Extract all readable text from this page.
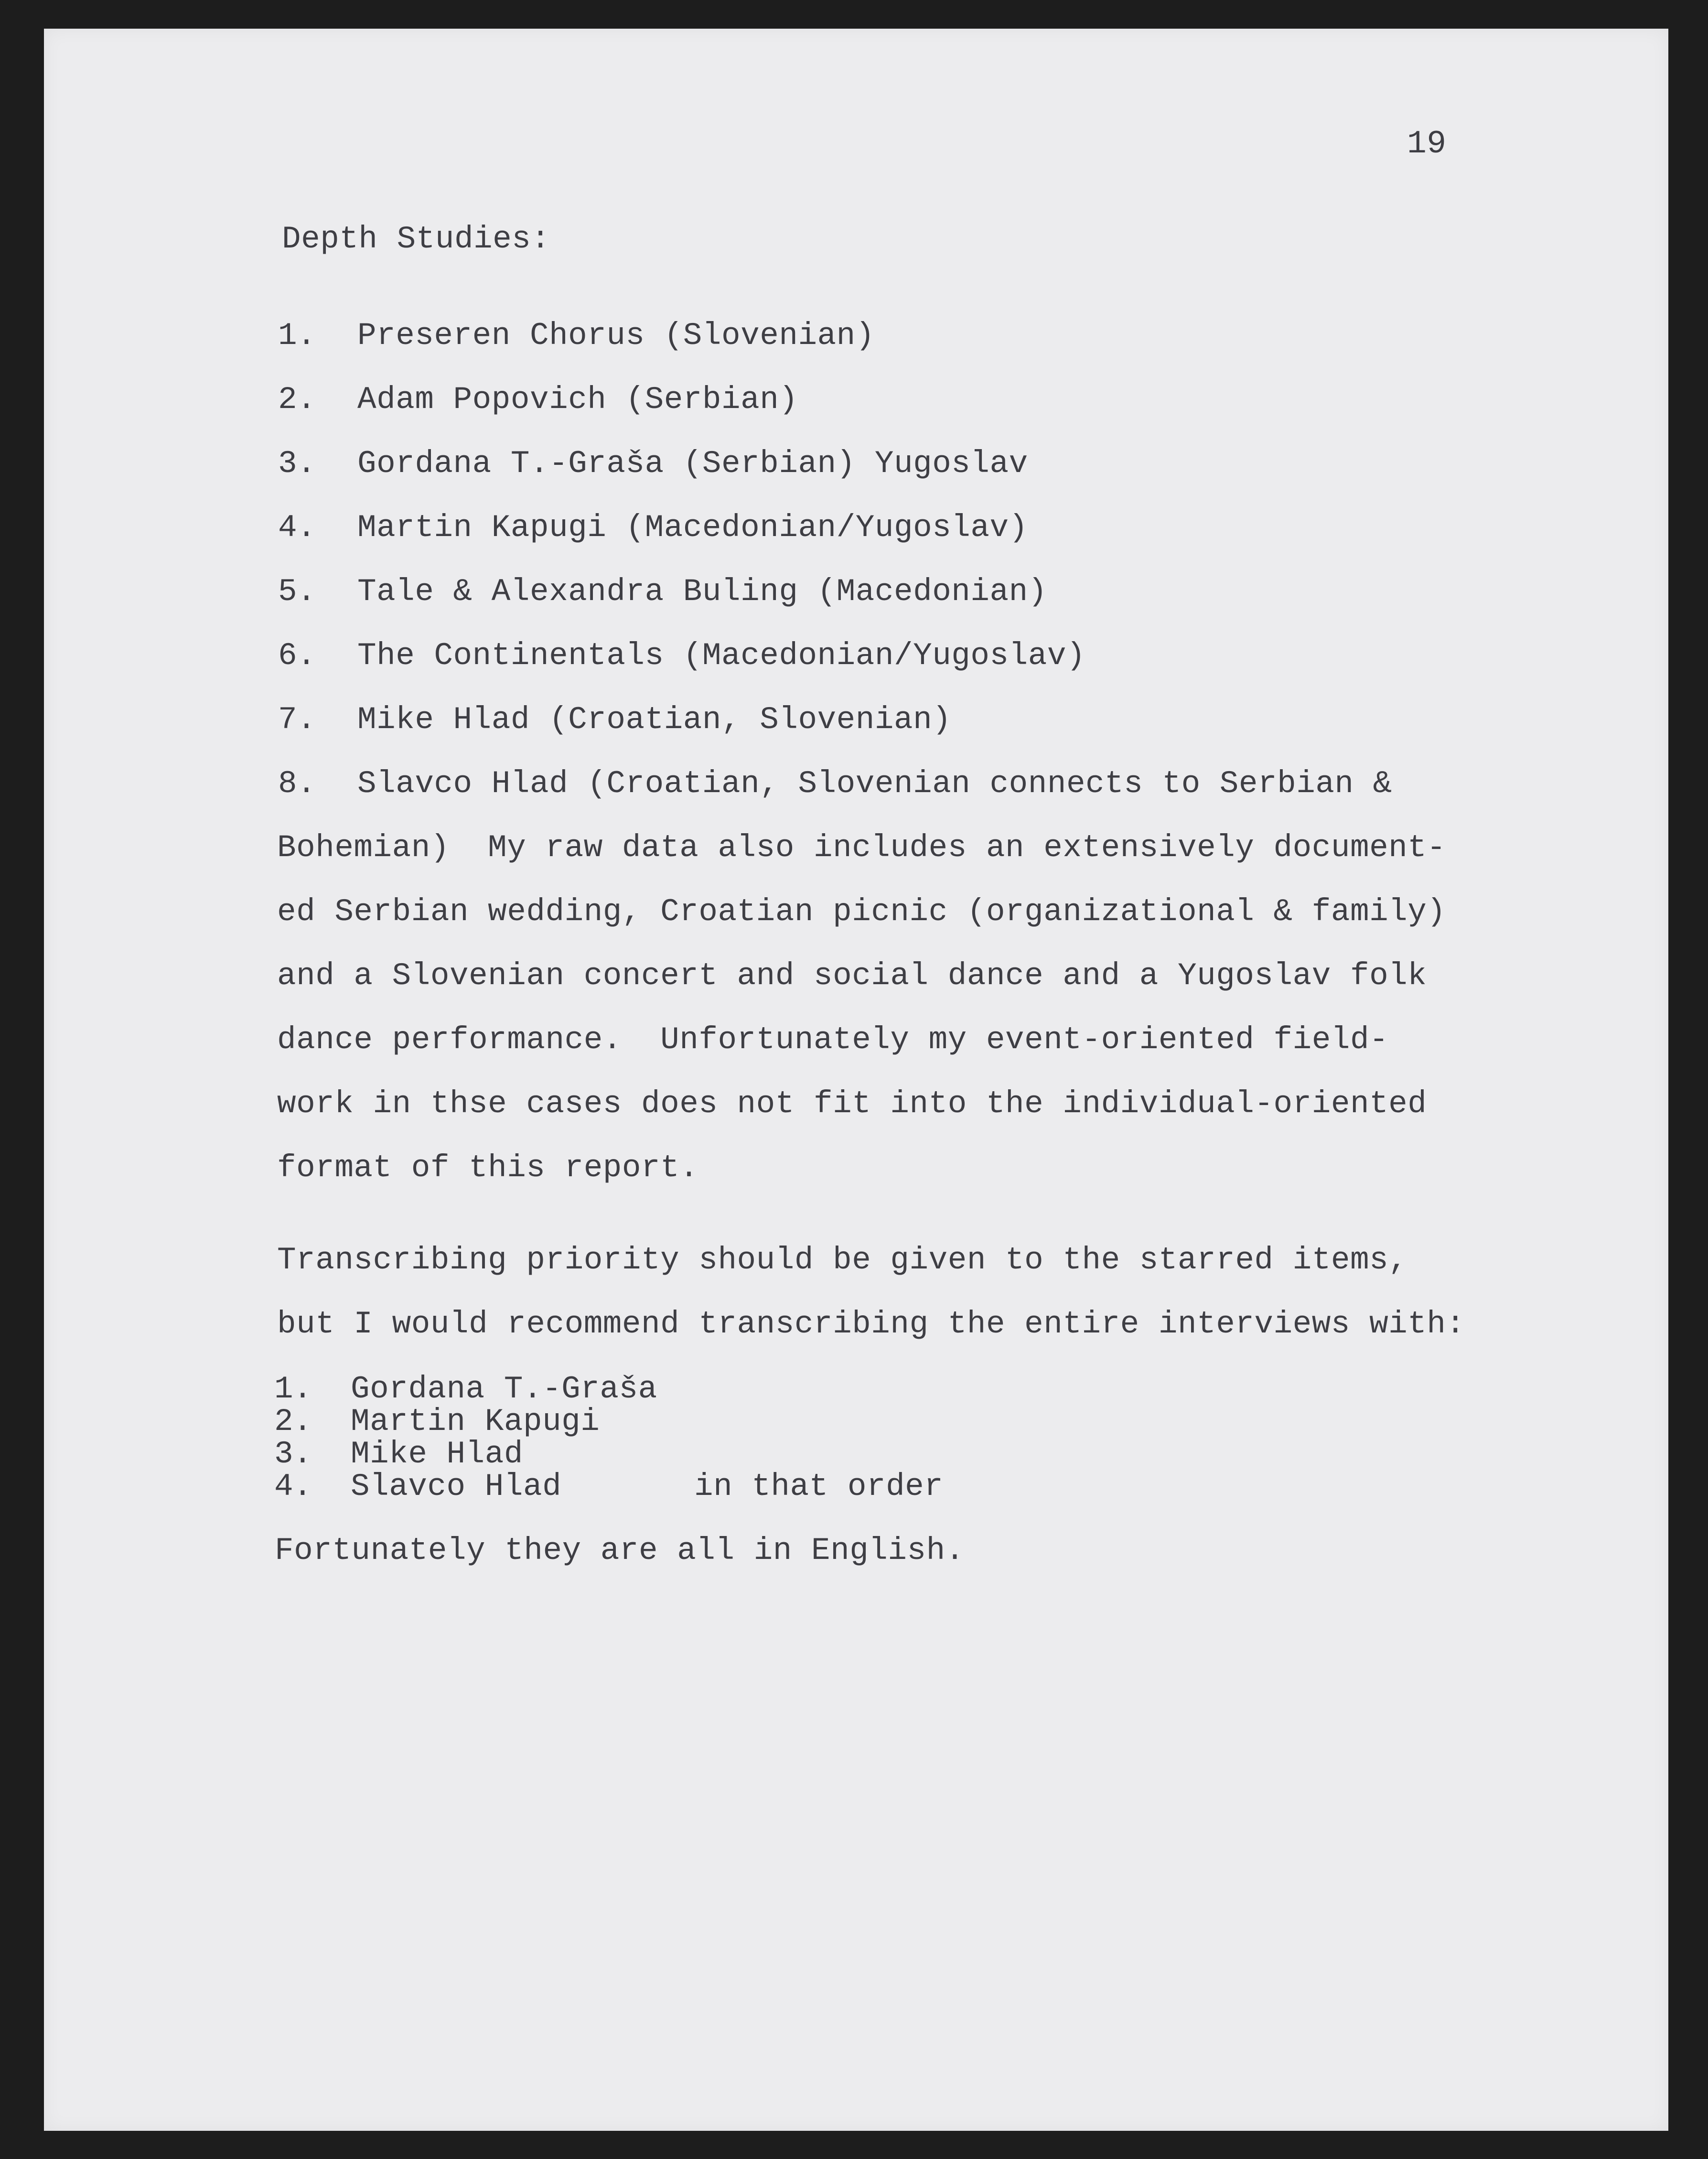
19
Depth Studies:
1. Preseren Chorus (Slovenian)
2. Adam Popovich (Serbian)
3. Gordana T.-Graša (Serbian) Yugoslav
4. Martin Kapugi (Macedonian/Yugoslav)
5. Tale & Alexandra Buling (Macedonian)
6. The Continentals (Macedonian/Yugoslav)
7. Mike Hlad (Croatian, Slovenian)
8. Slavco Hlad (Croatian, Slovenian connects to Serbian &
Bohemian)  My raw data also includes an extensively document-
ed Serbian wedding, Croatian picnic (organizational & family)
and a Slovenian concert and social dance and a Yugoslav folk
dance performance.  Unfortunately my event-oriented field-
work in thse cases does not fit into the individual-oriented
format of this report.
Transcribing priority should be given to the starred items,
but I would recommend transcribing the entire interviews with:
1. Gordana T.-Graša
2. Martin Kapugi
3. Mike Hlad
4. Slavco Hlad	in that order
Fortunately they are all in English.
